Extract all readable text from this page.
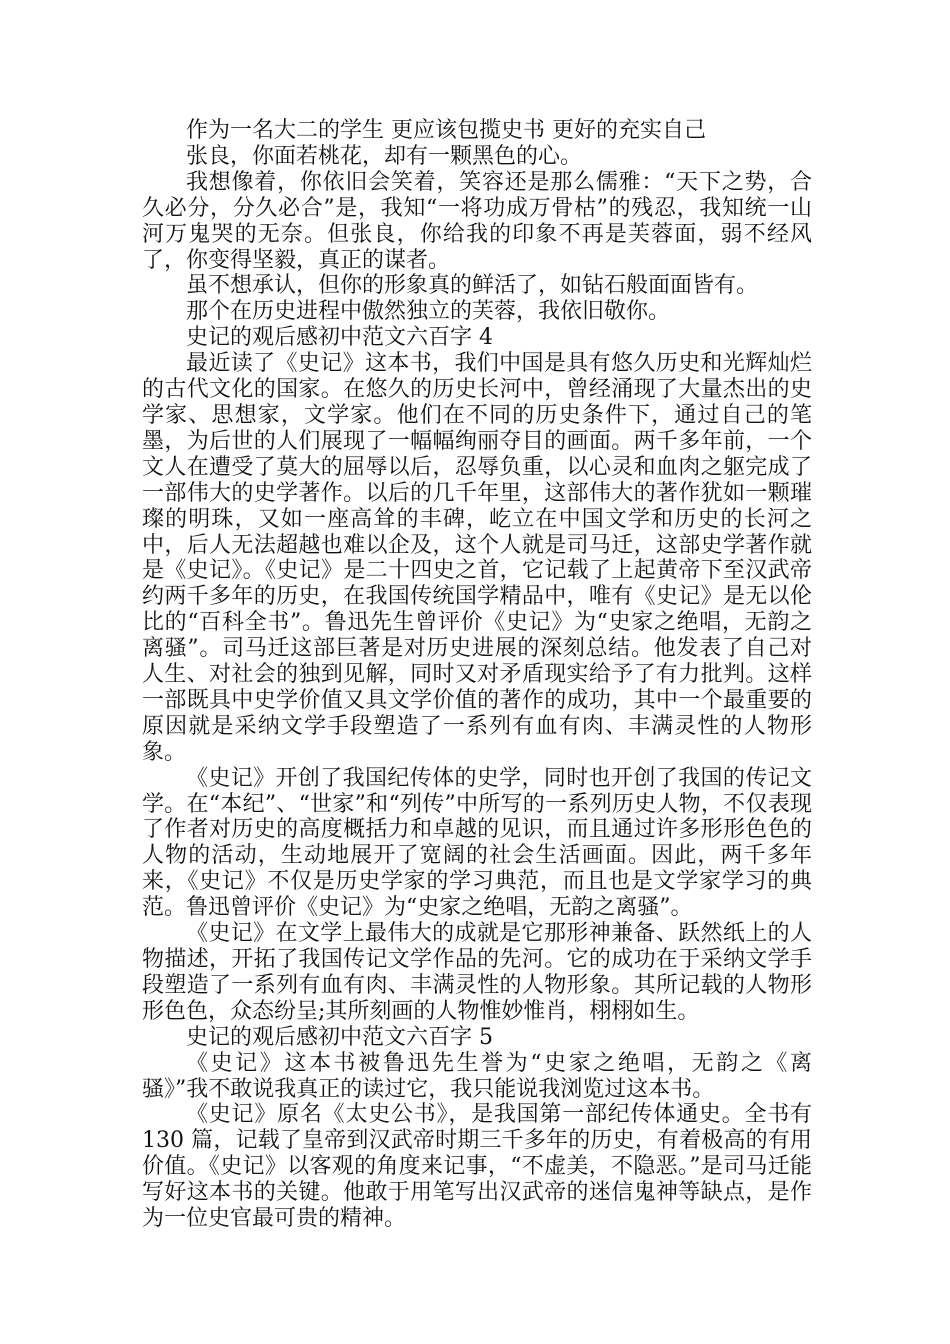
作为一名大二的学生 更应该包揽史书 更好的充实自己

张良，你面若桃花，却有一颗黑色的心。

我想像着，你依旧会笑着，笑容还是那么儒雅：“天下之势，合久必分，分久必合”是，我知“一将功成万骨枯”的残忍，我知统一山河万鬼哭的无奈。但张良，你给我的印象不再是芙蓉面，弱不经风了，你变得坚毅，真正的谋者。

虽不想承认，但你的形象真的鲜活了，如钻石般面面皆有。

那个在历史进程中傲然独立的芙蓉，我依旧敬你。

史记的观后感初中范文六百字 4

最近读了《史记》这本书，我们中国是具有悠久历史和光辉灿烂的古代文化的国家。在悠久的历史长河中，曾经涌现了大量杰出的史学家、思想家，文学家。他们在不同的历史条件下，通过自己的笔墨，为后世的人们展现了一幅幅绚丽夺目的画面。两千多年前，一个文人在遭受了莫大的屈辱以后，忍辱负重，以心灵和血肉之躯完成了一部伟大的史学著作。以后的几千年里，这部伟大的著作犹如一颗璀璨的明珠，又如一座高耸的丰碑，屹立在中国文学和历史的长河之中，后人无法超越也难以企及，这个人就是司马迁，这部史学著作就是《史记》。《史记》是二十四史之首，它记载了上起黄帝下至汉武帝约两千多年的历史，在我国传统国学精品中，唯有《史记》是无以伦比的“百科全书”。鲁迅先生曾评价《史记》为“史家之绝唱，无韵之离骚”。司马迁这部巨著是对历史进展的深刻总结。他发表了自己对人生、对社会的独到见解，同时又对矛盾现实给予了有力批判。这样一部既具中史学价值又具文学价值的著作的成功，其中一个最重要的原因就是采纳文学手段塑造了一系列有血有肉、丰满灵性的人物形象。

《史记》开创了我国纪传体的史学，同时也开创了我国的传记文学。在“本纪”、“世家”和“列传”中所写的一系列历史人物，不仅表现了作者对历史的高度概括力和卓越的见识，而且通过许多形形色色的人物的活动，生动地展开了宽阔的社会生活画面。因此，两千多年来，《史记》不仅是历史学家的学习典范，而且也是文学家学习的典范。鲁迅曾评价《史记》为“史家之绝唱，无韵之离骚”。

《史记》在文学上最伟大的成就是它那形神兼备、跃然纸上的人物描述，开拓了我国传记文学作品的先河。它的成功在于采纳文学手段塑造了一系列有血有肉、丰满灵性的人物形象。其所记载的人物形形色色，众态纷呈;其所刻画的人物惟妙惟肖，栩栩如生。

史记的观后感初中范文六百字 5

《史记》这本书被鲁迅先生誉为“史家之绝唱，无韵之《离骚》”我不敢说我真正的读过它，我只能说我浏览过这本书。

《史记》原名《太史公书》，是我国第一部纪传体通史。全书有 130 篇，记载了皇帝到汉武帝时期三千多年的历史，有着极高的有用价值。《史记》以客观的角度来记事，“不虚美，不隐恶。”是司马迁能写好这本书的关键。他敢于用笔写出汉武帝的迷信鬼神等缺点，是作为一位史官最可贵的精神。
